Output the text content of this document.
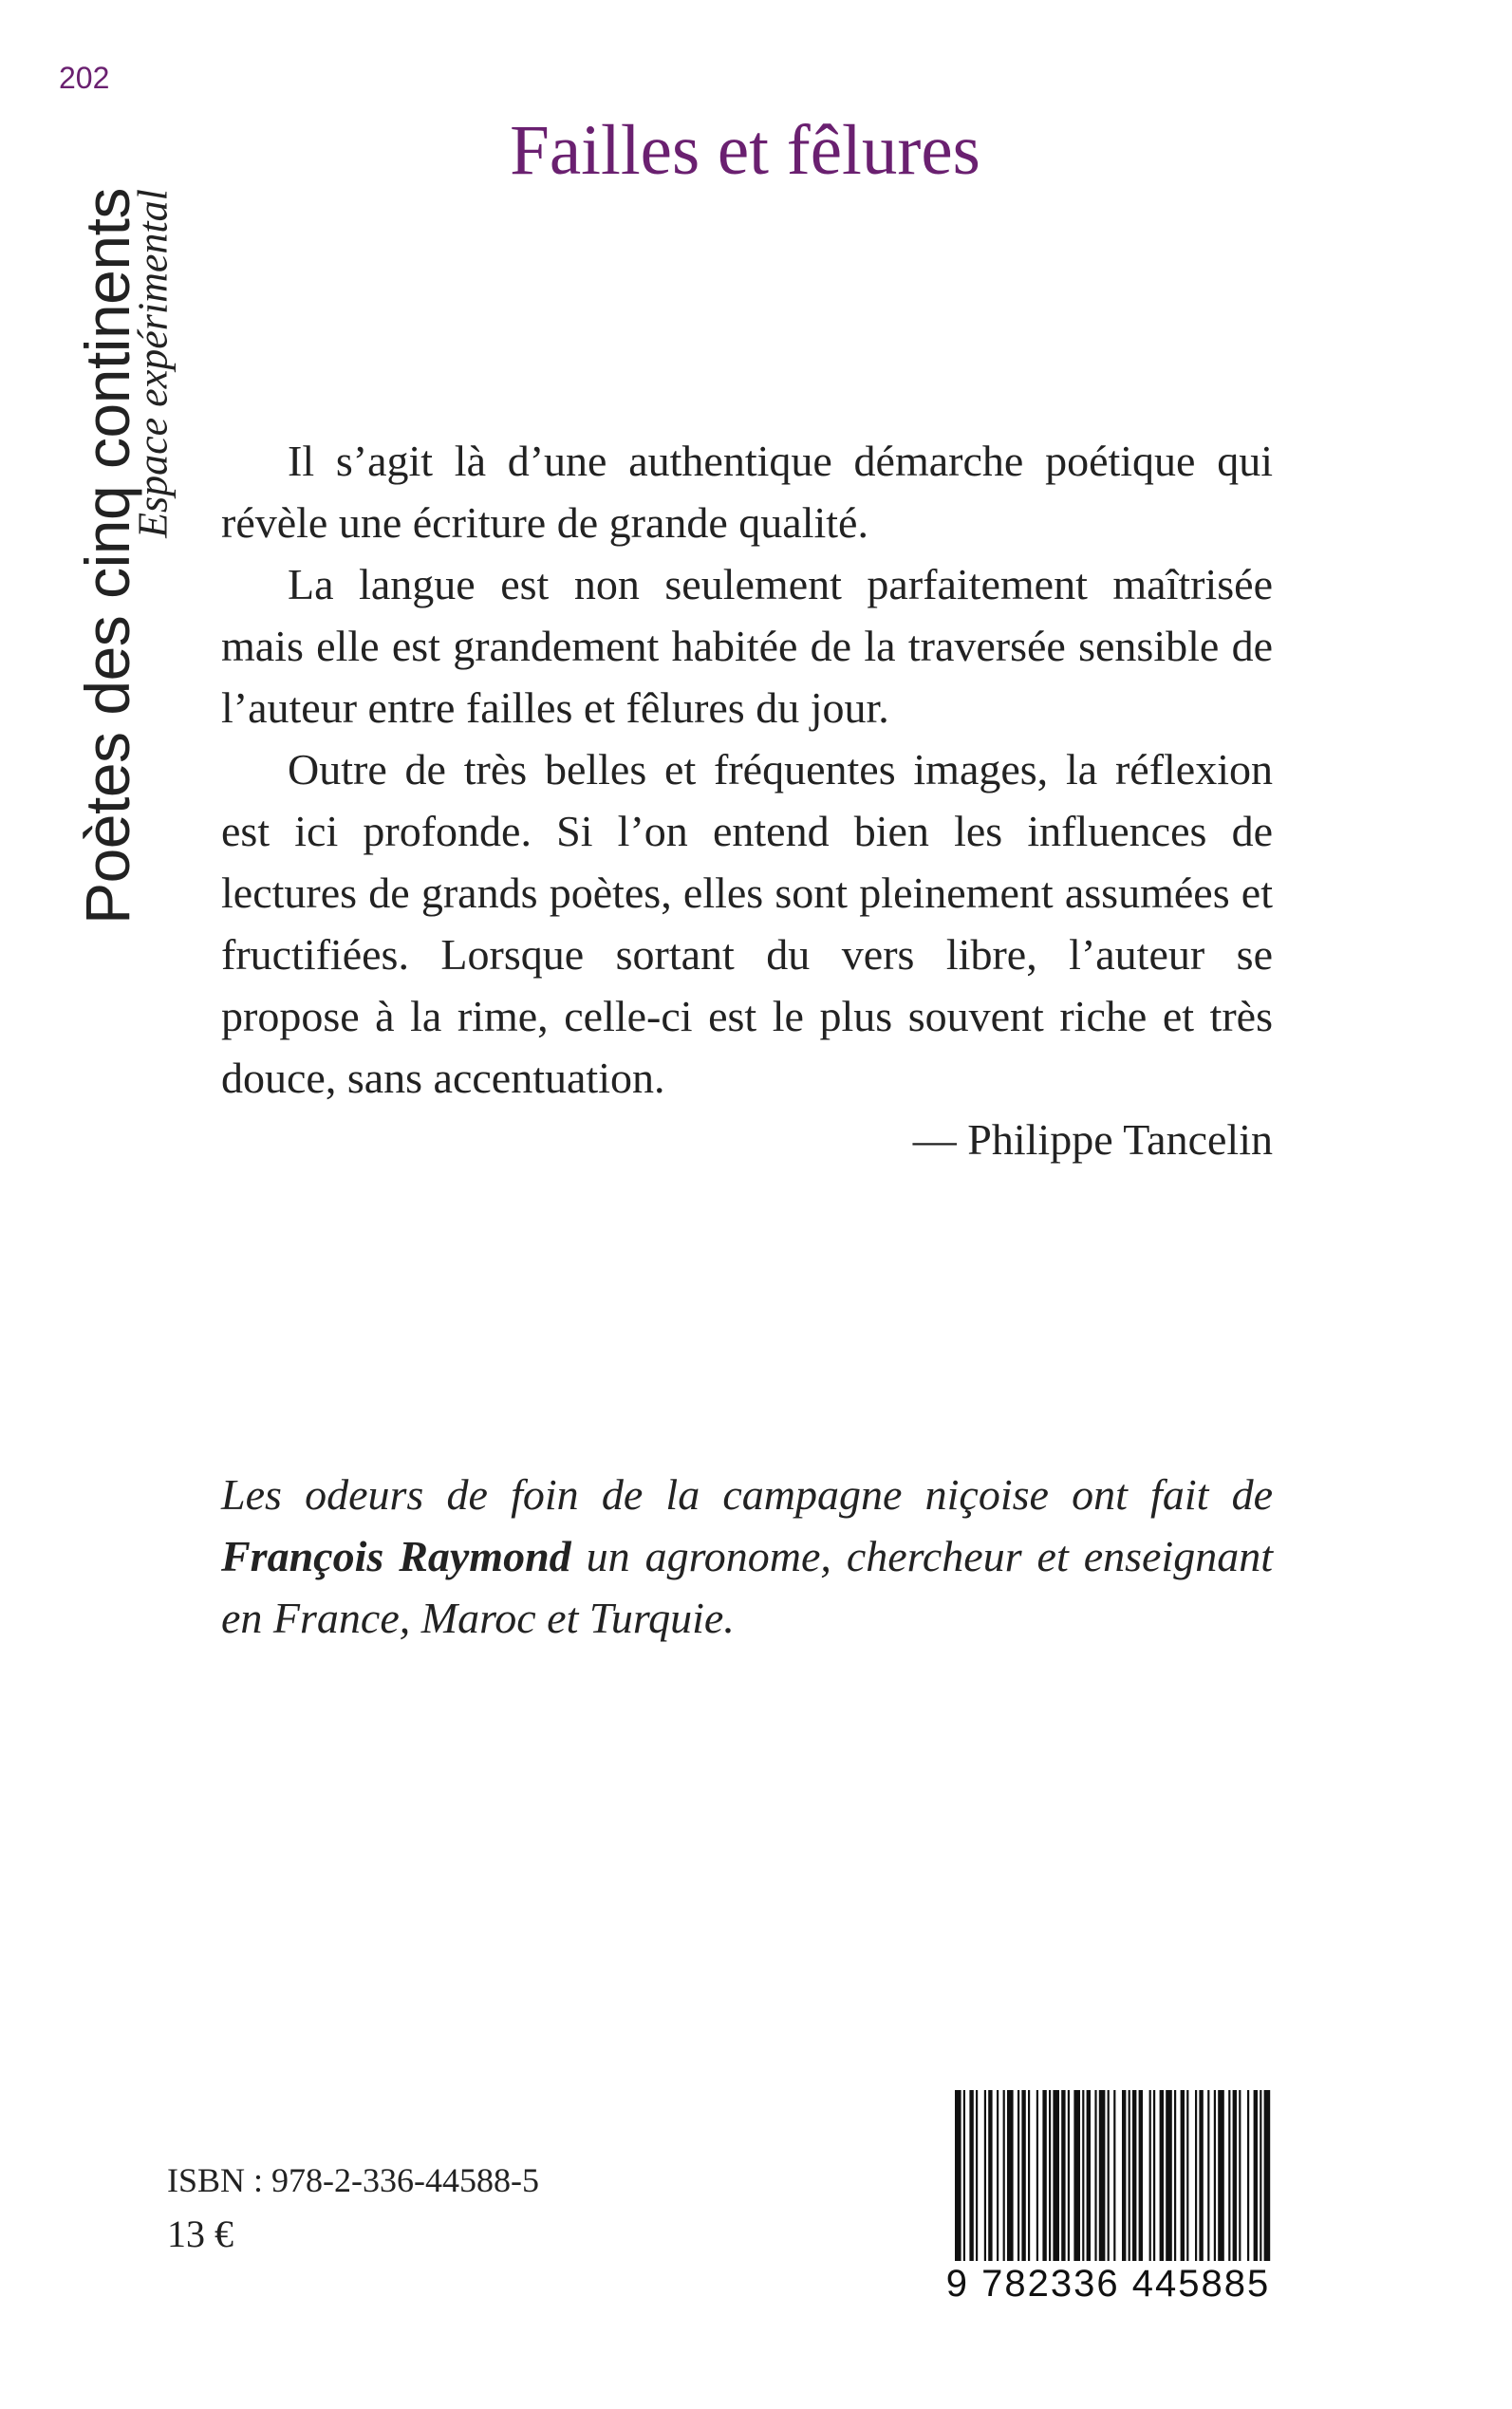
202
Poètes des cinq continents
Espace expérimental
Failles et fêlures

Il s’agit là d’une authentique démarche poétique qui révèle une écriture de grande qualité.

La langue est non seulement parfaitement maîtrisée mais elle est grandement habitée de la traversée sensible de l’auteur entre failles et fêlures du jour.

Outre de très belles et fréquentes images, la réflexion est ici profonde. Si l’on entend bien les influences de lectures de grands poètes, elles sont pleinement assumées et fructifiées. Lorsque sortant du vers libre, l’auteur se propose à la rime, celle-ci est le plus souvent riche et très douce, sans accentuation.

— Philippe Tancelin
Les odeurs de foin de la campagne niçoise ont fait de François Raymond un agronome, chercheur et enseignant en France, Maroc et Turquie.
ISBN : 978-2-336-44588-5
13 €
9 782336 445885
